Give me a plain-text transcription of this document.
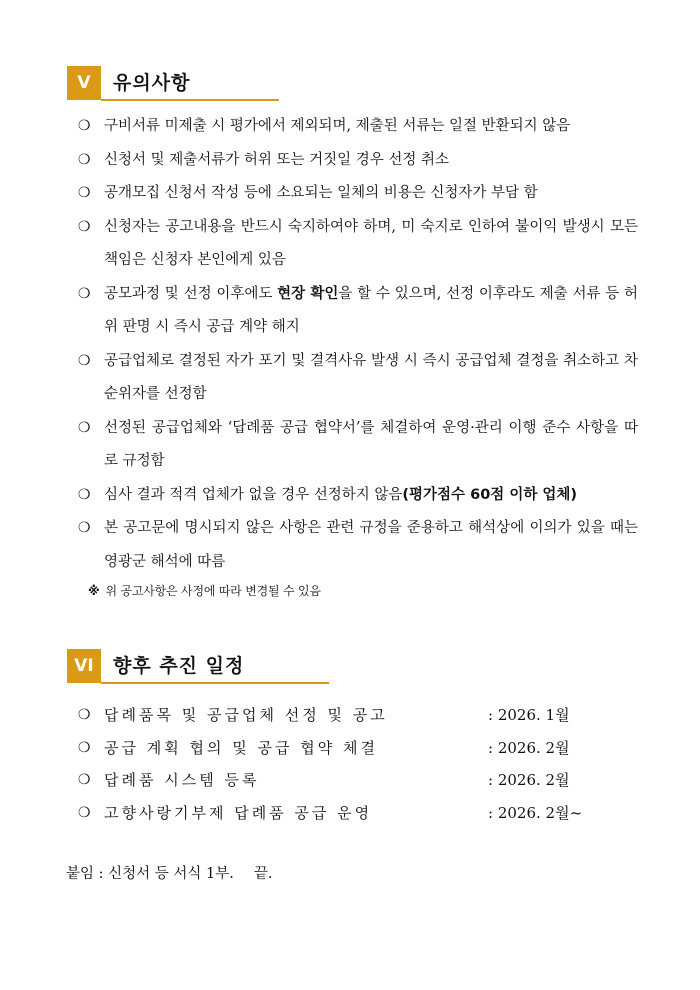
V	유의사항
❍ 구비서류 미제출 시 평가에서 제외되며, 제출된 서류는 일절 반환되지 않음
❍ 신청서 및 제출서류가 허위 또는 거짓일 경우 선정 취소
❍ 공개모집 신청서 작성 등에 소요되는 일체의 비용은 신청자가 부담 함
❍ 신청자는 공고내용을 반드시 숙지하여야 하며, 미 숙지로 인하여 불이익 발생시 모든 책임은 신청자 본인에게 있음
❍ 공모과정 및 선정 이후에도 현장 확인을 할 수 있으며, 선정 이후라도 제출 서류 등 허위 판명 시 즉시 공급 계약 해지
❍ 공급업체로 결정된 자가 포기 및 결격사유 발생 시 즉시 공급업체 결정을 취소하고 차순위자를 선정함
❍ 선정된 공급업체와 ‘답례품 공급 협약서’를 체결하여 운영·관리 이행 준수 사항을 따로 규정함
❍ 심사 결과 적격 업체가 없을 경우 선정하지 않음(평가점수 60점 이하 업체)
❍ 본 공고문에 명시되지 않은 사항은 관련 규정을 준용하고 해석상에 이의가 있을 때는 영광군 해석에 따름
※ 위 공고사항은 사정에 따라 변경될 수 있음
VI	향후 추진 일정
❍ 답례품목 및 공급업체 선정 및 공고	: 2026. 1월
❍ 공급 계획 협의 및 공급 협약 체결	: 2026. 2월
❍ 답례품 시스템 등록	: 2026. 2월
❍ 고향사랑기부제 답례품 공급 운영	: 2026. 2월~
붙임 : 신청서 등 서식 1부. 끝.
